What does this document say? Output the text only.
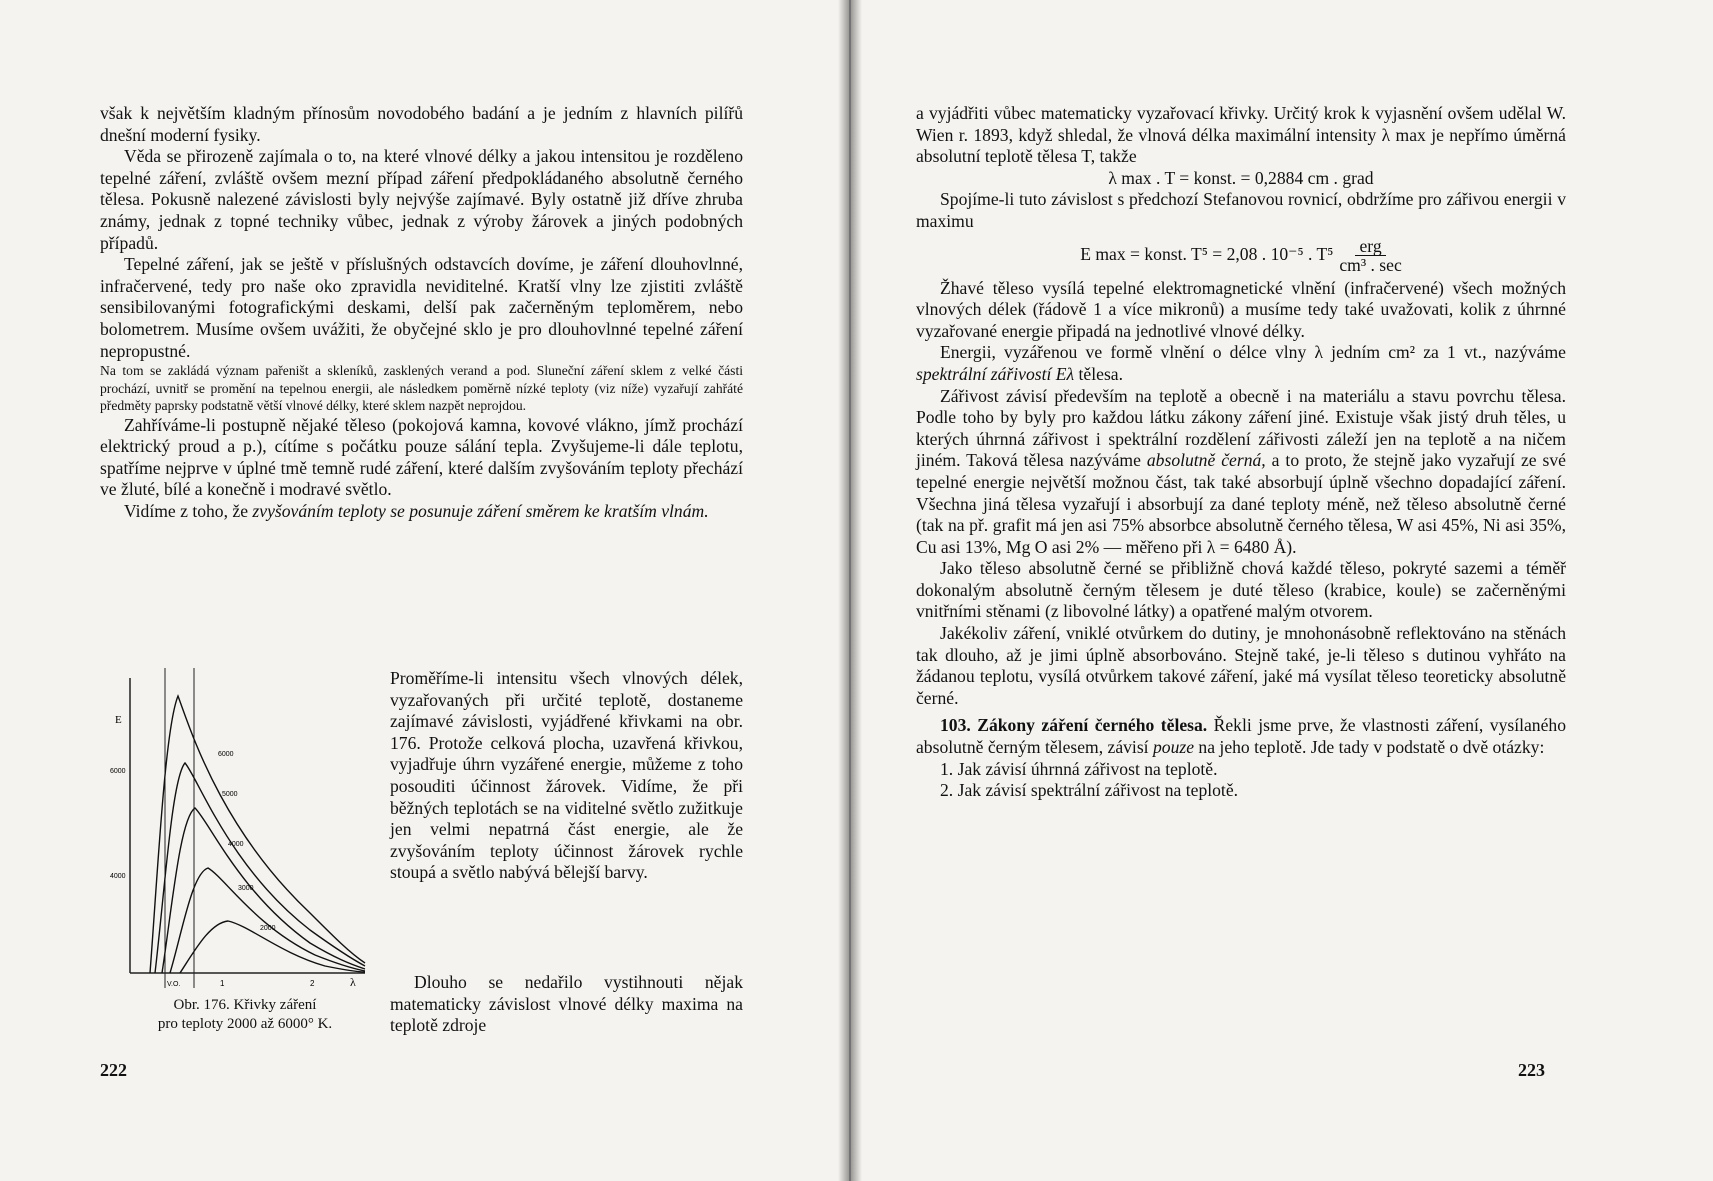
však k největším kladným přínosům novodobého badání a je jedním z hlavních pilířů dnešní moderní fysiky.

Věda se přirozeně zajímala o to, na které vlnové délky a jakou intensitou je rozděleno tepelné záření, zvláště ovšem mezní případ záření předpokládaného absolutně černého tělesa. Pokusně nalezené závislosti byly nejvýše zajímavé. Byly ostatně již dříve zhruba známy, jednak z topné techniky vůbec, jednak z výroby žárovek a jiných podobných případů.

Tepelné záření, jak se ještě v příslušných odstavcích dovíme, je záření dlouhovlnné, infračervené, tedy pro naše oko zpravidla neviditelné. Kratší vlny lze zjistiti zvláště sensibilovanými fotografickými deskami, delší pak začerněným teploměrem, nebo bolometrem. Musíme ovšem uvážiti, že obyčejné sklo je pro dlouhovlnné tepelné záření nepropustné.

Na tom se zakládá význam pařeništ a skleníků, zasklených verand a pod. Sluneční záření sklem z velké části prochází, uvnitř se promění na tepelnou energii, ale následkem poměrně nízké teploty (viz níže) vyzařují zahřáté předměty paprsky podstatně větší vlnové délky, které sklem nazpět neprojdou.

Zahříváme-li postupně nějaké těleso (pokojová kamna, kovové vlákno, jímž prochází elektrický proud a p.), cítíme s počátku pouze sálání tepla. Zvyšujeme-li dále teplotu, spatříme nejprve v úplné tmě temně rudé záření, které dalším zvyšováním teploty přechází ve žluté, bílé a konečně i modravé světlo.

Vidíme z toho, že zvyšováním teploty se posunuje záření směrem ke kratším vlnám.

E
λ
6000
4000
6000
5000
4000
3000
2000
V.O.	1	2
Proměříme-li intensitu všech vlnových délek, vyzařovaných při určité teplotě, dostaneme zajímavé závislosti, vyjádřené křivkami na obr. 176. Protože celková plocha, uzavřená křivkou, vyjadřuje úhrn vyzářené energie, můžeme z toho posouditi účinnost žárovek. Vidíme, že při běžných teplotách se na viditelné světlo zužitkuje jen velmi nepatrná část energie, ale že zvyšováním teploty účinnost žárovek rychle stoupá a světlo nabývá bělejší barvy.
Dlouho se nedařilo vystihnouti nějak matematicky závislost vlnové délky maxima na teplotě zdroje
Obr. 176. Křivky záření
pro teploty 2000 až 6000° K.
222

a vyjádřiti vůbec matematicky vyzařovací křivky. Určitý krok k vyjasnění ovšem udělal W. Wien r. 1893, když shledal, že vlnová délka maximální intensity λ max je nepřímo úměrná absolutní teplotě tělesa T, takže

λ max . T = konst. = 0,2884 cm . grad

Spojíme-li tuto závislost s předchozí Stefanovou rovnicí, obdržíme pro zářivou energii v maximu

E max = konst. T⁵ = 2,08 . 10⁻⁵ . T⁵ erg
cm³ . sec

Žhavé těleso vysílá tepelné elektromagnetické vlnění (infračervené) všech možných vlnových délek (řádově 1 a více mikronů) a musíme tedy také uvažovati, kolik z úhrnné vyzařované energie připadá na jednotlivé vlnové délky.

Energii, vyzářenou ve formě vlnění o délce vlny λ jedním cm² za 1 vt., nazýváme spektrální zářivostí Eλ tělesa.

Zářivost závisí především na teplotě a obecně i na materiálu a stavu povrchu tělesa. Podle toho by byly pro každou látku zákony záření jiné. Existuje však jistý druh těles, u kterých úhrnná zářivost i spektrální rozdělení zářivosti záleží jen na teplotě a na ničem jiném. Taková tělesa nazýváme absolutně černá, a to proto, že stejně jako vyzařují ze své tepelné energie největší možnou část, tak také absorbují úplně všechno dopadající záření. Všechna jiná tělesa vyzařují i absorbují za dané teploty méně, než těleso absolutně černé (tak na př. grafit má jen asi 75% absorbce absolutně černého tělesa, W asi 45%, Ni asi 35%, Cu asi 13%, Mg O asi 2% — měřeno při λ = 6480 Å).

Jako těleso absolutně černé se přibližně chová každé těleso, pokryté sazemi a téměř dokonalým absolutně černým tělesem je duté těleso (krabice, koule) se začerněnými vnitřními stěnami (z libovolné látky) a opatřené malým otvorem.

Jakékoliv záření, vniklé otvůrkem do dutiny, je mnohonásobně reflektováno na stěnách tak dlouho, až je jimi úplně absorbováno. Stejně také, je-li těleso s dutinou vyhřáto na žádanou teplotu, vysílá otvůrkem takové záření, jaké má vysílat těleso teoreticky absolutně černé.

103. Zákony záření černého tělesa. Řekli jsme prve, že vlastnosti záření, vysílaného absolutně černým tělesem, závisí pouze na jeho teplotě. Jde tady v podstatě o dvě otázky:

1. Jak závisí úhrnná zářivost na teplotě.

2. Jak závisí spektrální zářivost na teplotě.

223
